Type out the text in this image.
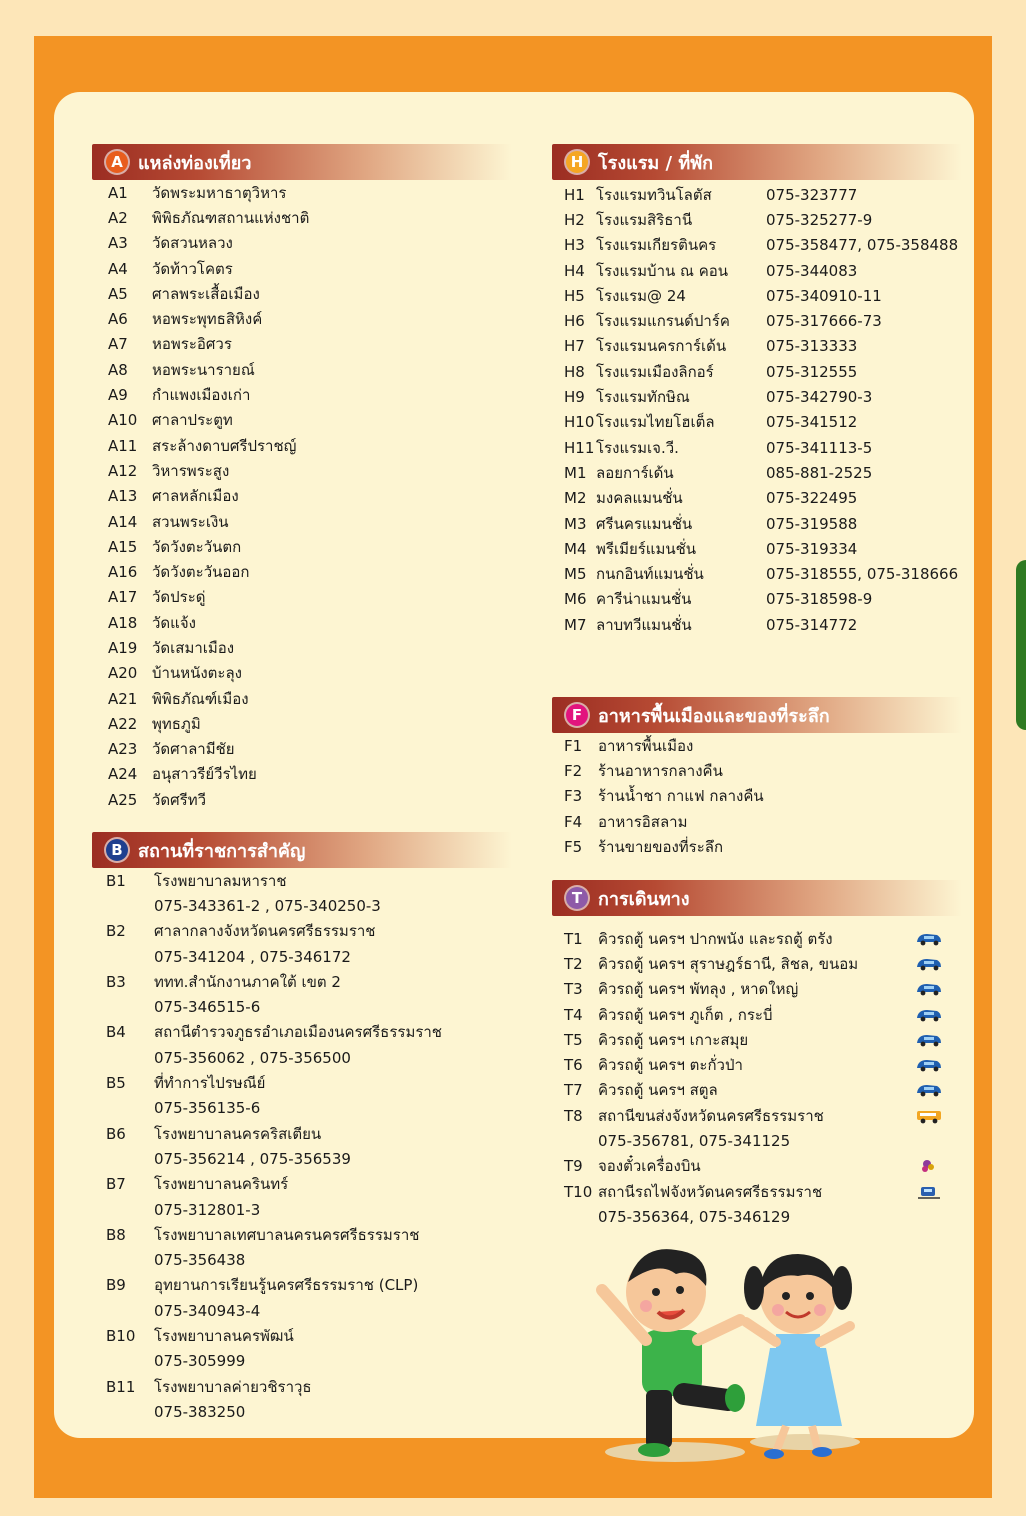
A แหล่งท่องเที่ยว
A1	วัดพระมหาธาตุวิหาร
A2	พิพิธภัณฑสถานแห่งชาติ
A3	วัดสวนหลวง
A4	วัดท้าวโคตร
A5	ศาลพระเสื้อเมือง
A6	หอพระพุทธสิหิงค์
A7	หอพระอิศวร
A8	หอพระนารายณ์
A9	กำแพงเมืองเก่า
A10 ศาลาประตูท
A11 สระล้างดาบศรีปราชญ์
A12 วิหารพระสูง
A13 ศาลหลักเมือง
A14 สวนพระเงิน
A15 วัดวังตะวันตก
A16 วัดวังตะวันออก
A17 วัดประดู่
A18 วัดแจ้ง
A19 วัดเสมาเมือง
A20 บ้านหนังตะลุง
A21 พิพิธภัณฑ์เมือง
A22 พุทธภูมิ
A23 วัดศาลามีชัย
A24 อนุสาวรีย์วีรไทย
A25 วัดศรีทวี
B สถานที่ราชการสำคัญ
B1	โรงพยาบาลมหาราช
075-343361-2 , 075-340250-3
B2	ศาลากลางจังหวัดนครศรีธรรมราช
075-341204 , 075-346172
B3	ททท.สำนักงานภาคใต้ เขต 2
075-346515-6
B4	สถานีตำรวจภูธรอำเภอเมืองนครศรีธรรมราช
075-356062 , 075-356500
B5	ที่ทำการไปรษณีย์
075-356135-6
B6	โรงพยาบาลนครคริสเตียน
075-356214 , 075-356539
B7	โรงพยาบาลนครินทร์
075-312801-3
B8	โรงพยาบาลเทศบาลนครนครศรีธรรมราช
075-356438
B9	อุทยานการเรียนรู้นครศรีธรรมราช (CLP)
075-340943-4
B10	โรงพยาบาลนครพัฒน์
075-305999
B11	โรงพยาบาลค่ายวชิราวุธ
075-383250
H โรงแรม / ที่พัก
H1 โรงแรมทวินโลตัส	075-323777
H2 โรงแรมสิริธานี	075-325277-9
H3 โรงแรมเกียรตินคร	075-358477, 075-358488
H4 โรงแรมบ้าน ณ คอน	075-344083
H5 โรงแรม@ 24	075-340910-11
H6 โรงแรมแกรนด์ปาร์ค	075-317666-73
H7 โรงแรมนครการ์เด้น	075-313333
H8 โรงแรมเมืองลิกอร์	075-312555
H9 โรงแรมทักษิณ	075-342790-3
H10 โรงแรมไทยโฮเต็ล	075-341512
H11 โรงแรมเจ.วี.	075-341113-5
M1 ลอยการ์เด้น	085-881-2525
M2 มงคลแมนชั่น	075-322495
M3 ศรีนครแมนชั่น	075-319588
M4 พรีเมียร์แมนชั่น	075-319334
M5 กนกอินท์แมนชั่น	075-318555, 075-318666
M6 คารีน่าแมนชั่น	075-318598-9
M7 ลาบทวีแมนชั่น	075-314772
F อาหารพื้นเมืองและของที่ระลึก
F1	อาหารพื้นเมือง
F2	ร้านอาหารกลางคืน
F3	ร้านน้ำชา กาแฟ กลางคืน
F4	อาหารอิสลาม
F5	ร้านขายของที่ระลึก
T การเดินทาง
T1	คิวรถตู้ นครฯ ปากพนัง และรถตู้ ตรัง
T2	คิวรถตู้ นครฯ สุราษฎร์ธานี, สิชล, ขนอม
T3	คิวรถตู้ นครฯ พัทลุง , หาดใหญ่
T4	คิวรถตู้ นครฯ ภูเก็ต , กระบี่
T5	คิวรถตู้ นครฯ เกาะสมุย
T6	คิวรถตู้ นครฯ ตะกั่วป่า
T7	คิวรถตู้ นครฯ สตูล
T8	สถานีขนส่งจังหวัดนครศรีธรรมราช
075-356781, 075-341125
T9	จองตั๋วเครื่องบิน
T10 สถานีรถไฟจังหวัดนครศรีธรรมราช
075-356364, 075-346129
